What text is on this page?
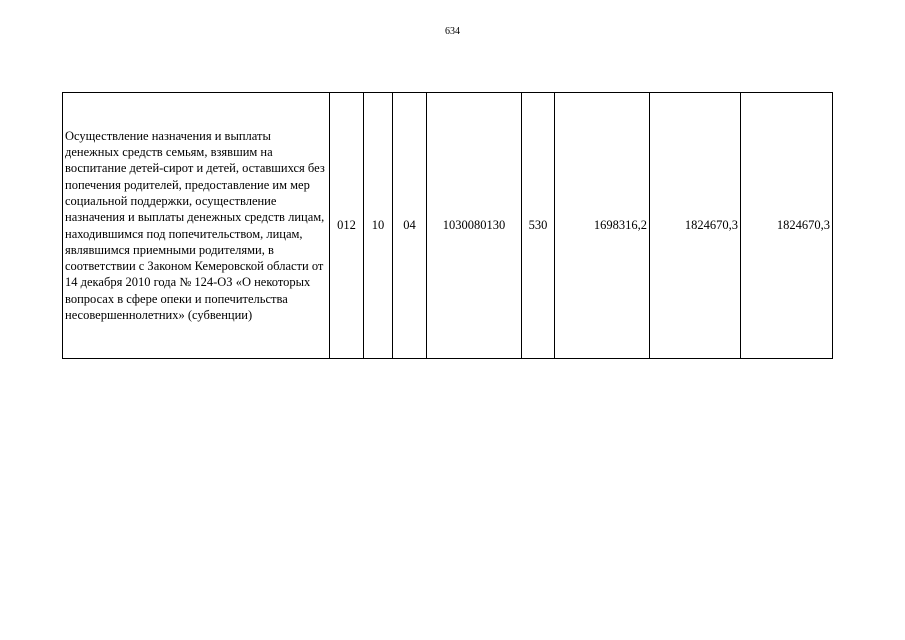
634
Осуществление назначения и выплаты денежных средств семьям, взявшим на воспитание детей-сирот и детей, оставшихся без попечения родителей, предоставление им мер социальной поддержки, осуществление назначения и выплаты денежных средств лицам, находившимся под попечительством, лицам, являвшимся приемными родителями, в соответствии с Законом Кемеровской области от 14 декабря 2010 года № 124-ОЗ «О некоторых вопросах в сфере опеки и попечительства несовершеннолетних» (субвенции)	012	10	04	1030080130	530	1698316,2	1824670,3	1824670,3
